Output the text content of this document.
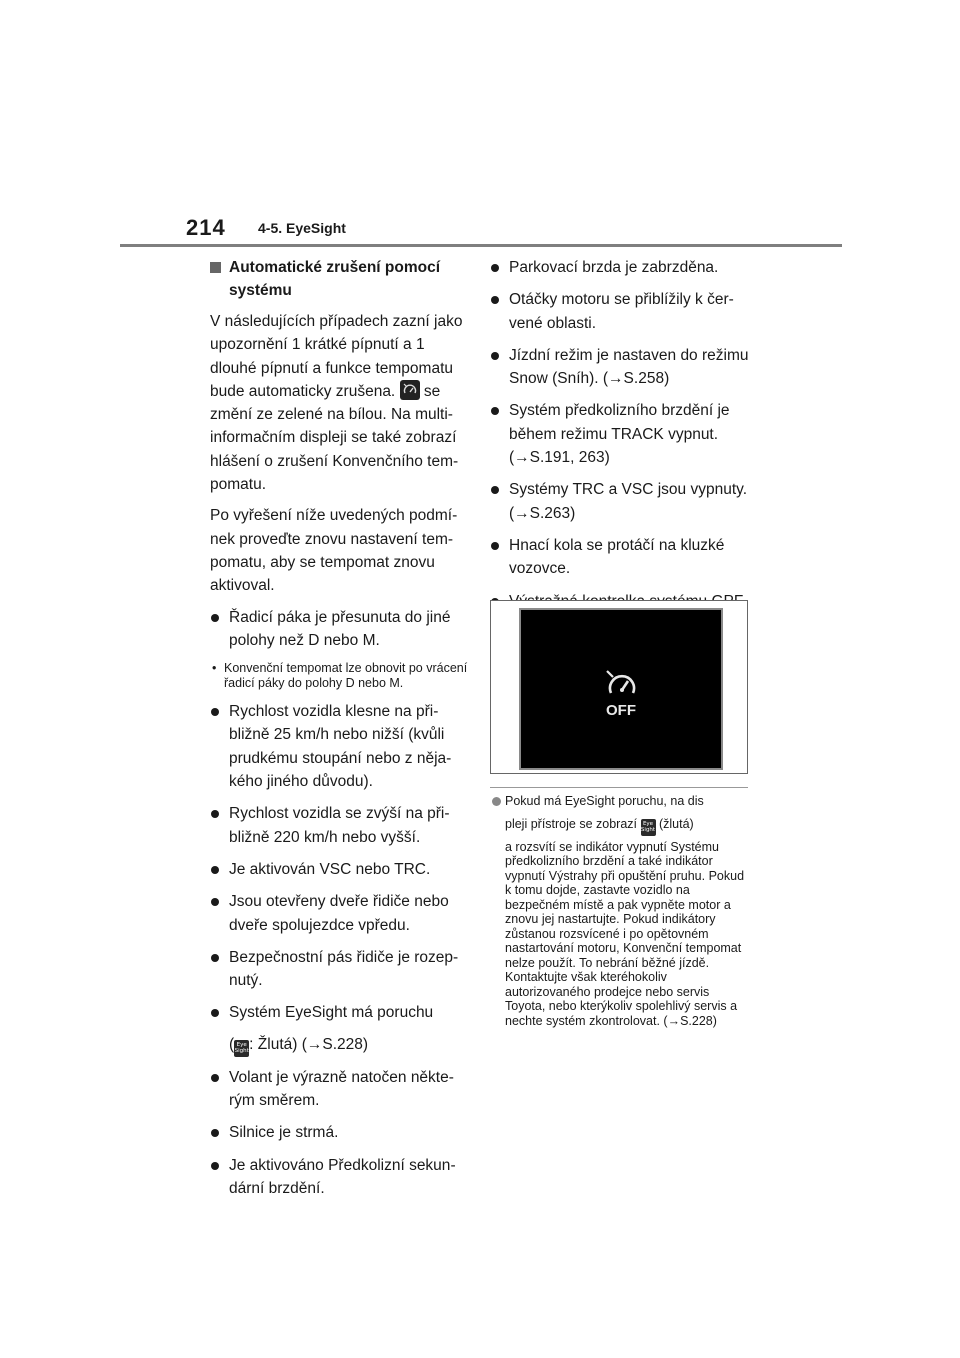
214 4-5. EyeSight
Automatické zrušení pomocí systému

V následujících případech zazní jako upozornění 1 krátké pípnutí a 1 dlouhé pípnutí a funkce tempomatu bude automaticky zrušena. se změní ze zelené na bílou. Na multiinformačním displeji se také zobrazí hlášení o zrušení Konvenčního tempomatu.

Po vyřešení níže uvedených podmínek proveďte znovu nastavení tempomatu, aby se tempomat znovu aktivoval.

Řadicí páka je přesunuta do jiné polohy než D nebo M.
• Konvenční tempomat lze obnovit po vrácení řadicí páky do polohy D nebo M.
Rychlost vozidla klesne na přibližně 25 km/h nebo nižší (kvůli prudkému stoupání nebo z nějakého jiného důvodu).
Rychlost vozidla se zvýší na přibližně 220 km/h nebo vyšší.
Je aktivován VSC nebo TRC.
Jsou otevřeny dveře řidiče nebo dveře spolujezdce vpředu.
Bezpečnostní pás řidiče je rozepnutý.
Systém EyeSight má poruchu
( Eye
Sight: Žlutá) (→S.228)
Volant je výrazně natočen některým směrem.
Silnice je strmá.
Je aktivováno Předkolizní sekundární brzdění.
Parkovací brzda je zabrzděna.
Otáčky motoru se přiblížily k červené oblasti.
Jízdní režim je nastaven do režimu Snow (Sníh). (→S.258)
Systém předkolizního brzdění je během režimu TRACK vypnut. (→S.191, 263)
Systémy TRC a VSC jsou vypnuty. (→S.263)
Hnací kola se protáčí na kluzké vozovce.
OFF
Pokud má EyeSight poruchu, na dis
pleji přístroje se zobrazí Eye
Sight (žlutá)
a rozsvítí se indikátor vypnutí Systému předkolizního brzdění a také indikátor vypnutí Výstrahy při opuštění pruhu. Pokud k tomu dojde, zastavte vozidlo na bezpečném místě a pak vypněte motor a znovu jej nastartujte. Pokud indikátory zůstanou rozsvícené i po opětovném nastartování motoru, Konvenční tempomat nelze použít. To nebrání běžné jízdě. Kontaktujte však kteréhokoliv autorizovaného prodejce nebo servis Toyota, nebo kterýkoliv spolehlivý servis a nechte systém zkontrolovat. (→S.228)
